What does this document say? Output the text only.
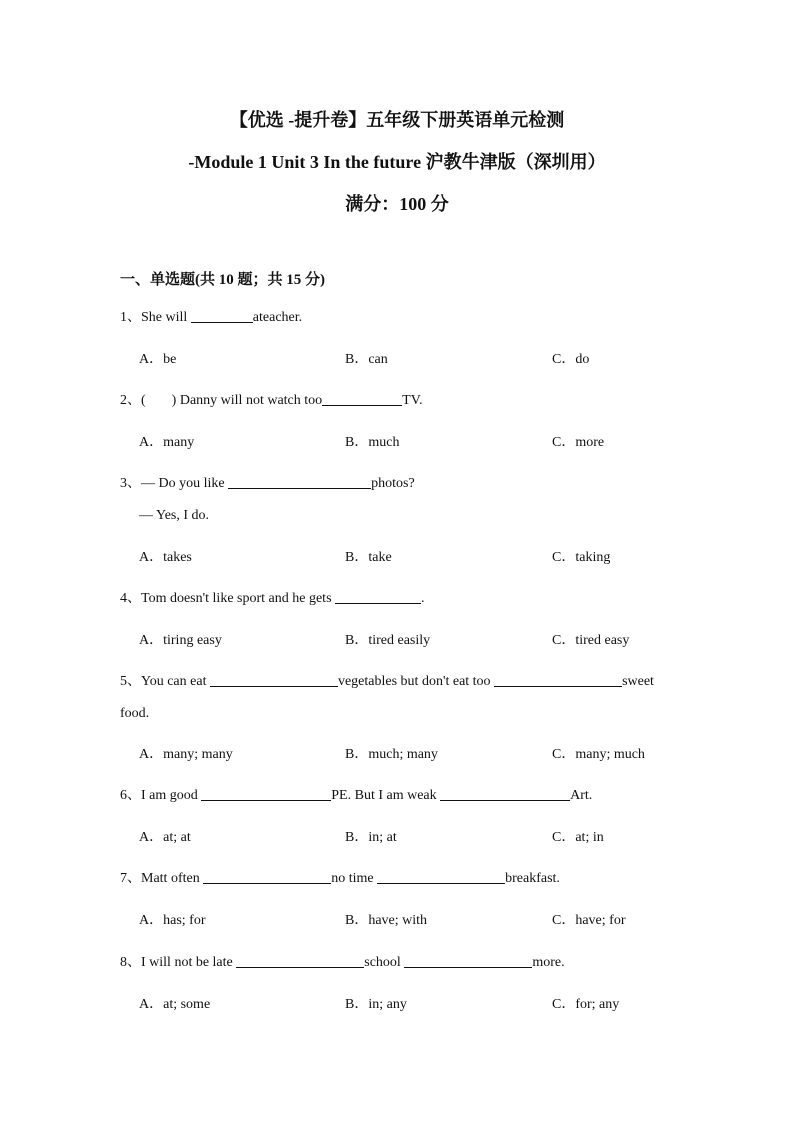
【优选 -提升卷】五年级下册英语单元检测
-Module 1 Unit 3 In the future 沪教牛津版（深圳用）
满分：100 分
一、单选题(共 10 题；共 15 分)
1、She will	ateacher.
A．be	B．can	C．do
2、( ) Danny will not watch too	TV.
A．many	B．much	C．more
3、— Do you like	photos?
— Yes, I do.
A．takes	B．take	C．taking
4、Tom doesn't like sport and he gets	.
A．tiring easy	B．tired easily	C．tired easy
5、You can eat	vegetables but don't eat too	sweet
food.
A．many; many	B．much; many	C．many; much
6、I am good	PE. But I am weak	Art.
A．at; at	B．in; at	C．at; in
7、Matt often	no time	breakfast.
A．has; for	B．have; with	C．have; for
8、I will not be late	school	more.
A．at; some	B．in; any	C．for; any
